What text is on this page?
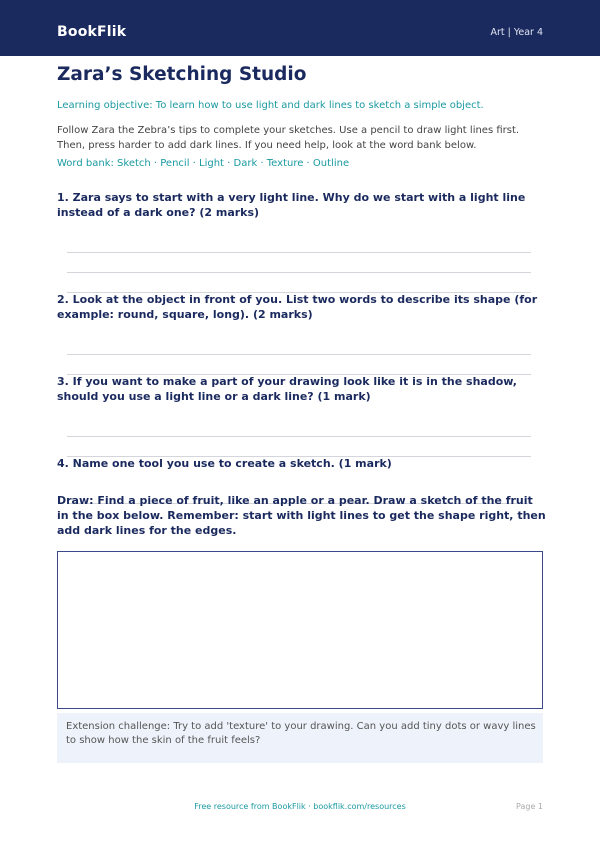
BookFlik	Art | Year 4
Zara’s Sketching Studio
Learning objective: To learn how to use light and dark lines to sketch a simple object.
Follow Zara the Zebra’s tips to complete your sketches. Use a pencil to draw light lines first. Then, press harder to add dark lines. If you need help, look at the word bank below.
Word bank: Sketch · Pencil · Light · Dark · Texture · Outline
1. Zara says to start with a very light line. Why do we start with a light line instead of a dark one? (2 marks)
2. Look at the object in front of you. List two words to describe its shape (for example: round, square, long). (2 marks)
3. If you want to make a part of your drawing look like it is in the shadow, should you use a light line or a dark line? (1 mark)
4. Name one tool you use to create a sketch. (1 mark)
Draw: Find a piece of fruit, like an apple or a pear. Draw a sketch of the fruit in the box below. Remember: start with light lines to get the shape right, then add dark lines for the edges.
Extension challenge: Try to add 'texture' to your drawing. Can you add tiny dots or wavy lines to show how the skin of the fruit feels?
Free resource from BookFlik · bookflik.com/resources	Page 1
